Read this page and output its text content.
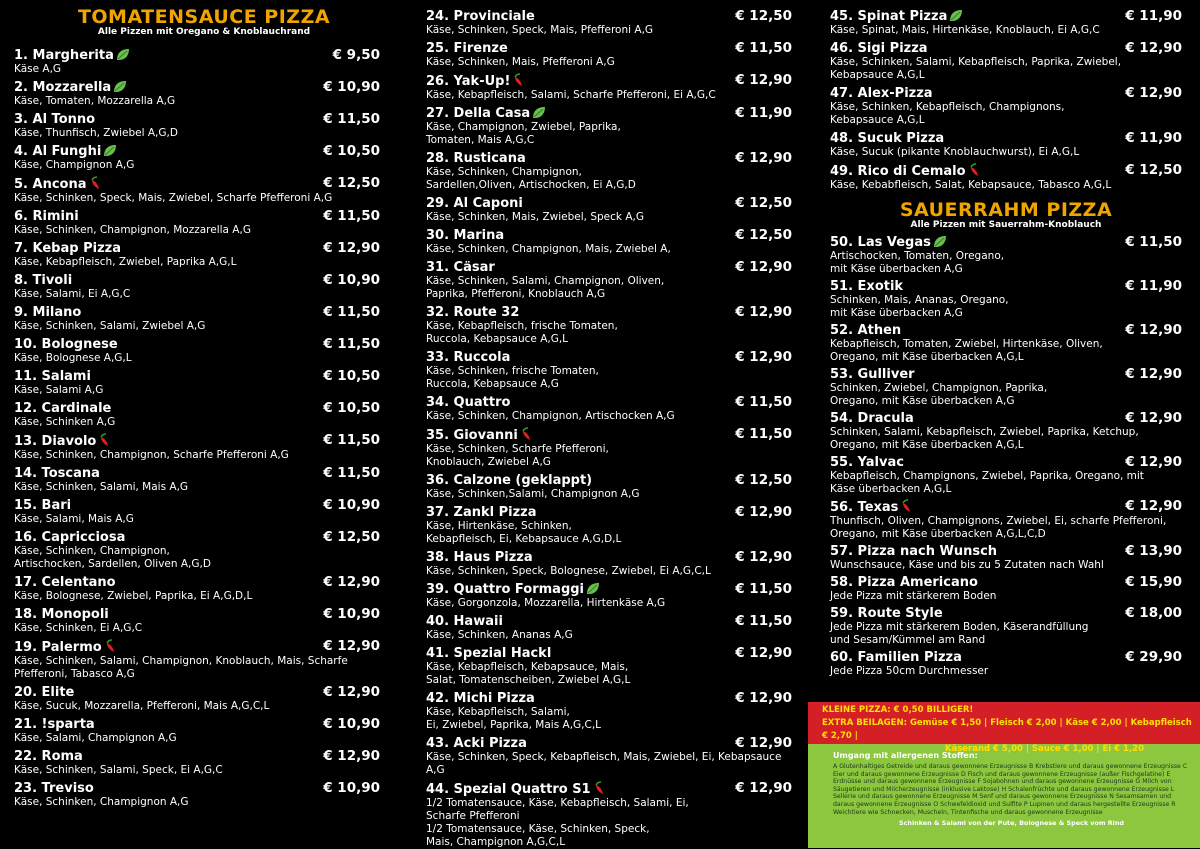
TOMATENSAUCE PIZZA
Alle Pizzen mit Oregano & Knoblauchrand
1. Margherita	€ 9,50
Käse A,G
2. Mozzarella	€ 10,90
Käse, Tomaten, Mozzarella A,G
3. Al Tonno	€ 11,50
Käse, Thunfisch, Zwiebel A,G,D
4. Al Funghi	€ 10,50
Käse, Champignon A,G
5. Ancona	€ 12,50
Käse, Schinken, Speck, Mais, Zwiebel, Scharfe Pfefferoni A,G
6. Rimini	€ 11,50
Käse, Schinken, Champignon, Mozzarella A,G
7. Kebap Pizza	€ 12,90
Käse, Kebapfleisch, Zwiebel, Paprika A,G,L
8. Tivoli	€ 10,90
Käse, Salami, Ei A,G,C
9. Milano	€ 11,50
Käse, Schinken, Salami, Zwiebel A,G
10. Bolognese	€ 11,50
Käse, Bolognese A,G,L
11. Salami	€ 10,50
Käse, Salami A,G
12. Cardinale	€ 10,50
Käse, Schinken A,G
13. Diavolo	€ 11,50
Käse, Schinken, Champignon, Scharfe Pfefferoni A,G
14. Toscana	€ 11,50
Käse, Schinken, Salami, Mais A,G
15. Bari	€ 10,90
Käse, Salami, Mais A,G
16. Capricciosa	€ 12,50
Käse, Schinken, Champignon,
Artischocken, Sardellen, Oliven A,G,D
17. Celentano	€ 12,90
Käse, Bolognese, Zwiebel, Paprika, Ei A,G,D,L
18. Monopoli	€ 10,90
Käse, Schinken, Ei A,G,C
19. Palermo	€ 12,90
Käse, Schinken, Salami, Champignon, Knoblauch, Mais, Scharfe
Pfefferoni, Tabasco A,G
20. Elite	€ 12,90
Käse, Sucuk, Mozzarella, Pfefferoni, Mais A,G,C,L
21. !sparta	€ 10,90
Käse, Salami, Champignon A,G
22. Roma	€ 12,90
Käse, Schinken, Salami, Speck, Ei A,G,C
23. Treviso	€ 10,90
Käse, Schinken, Champignon A,G
24. Provinciale	€ 12,50
Käse, Schinken, Speck, Mais, Pfefferoni A,G
25. Firenze	€ 11,50
Käse, Schinken, Mais, Pfefferoni A,G
26. Yak-Up!	€ 12,90
Käse, Kebapfleisch, Salami, Scharfe Pfefferoni, Ei A,G,C
27. Della Casa	€ 11,90
Käse, Champignon, Zwiebel, Paprika,
Tomaten, Mais A,G,C
28. Rusticana	€ 12,90
Käse, Schinken, Champignon,
Sardellen,Oliven, Artischocken, Ei A,G,D
29. Al Caponi	€ 12,50
Käse, Schinken, Mais, Zwiebel, Speck A,G
30. Marina	€ 12,50
Käse, Schinken, Champignon, Mais, Zwiebel A,
31. Cäsar	€ 12,90
Käse, Schinken, Salami, Champignon, Oliven,
Paprika, Pfefferoni, Knoblauch A,G
32. Route 32	€ 12,90
Käse, Kebapfleisch, frische Tomaten,
Ruccola, Kebapsauce A,G,L
33. Ruccola	€ 12,90
Käse, Schinken, frische Tomaten,
Ruccola, Kebapsauce A,G
34. Quattro	€ 11,50
Käse, Schinken, Champignon, Artischocken A,G
35. Giovanni	€ 11,50
Käse, Schinken, Scharfe Pfefferoni,
Knoblauch, Zwiebel A,G
36. Calzone (geklappt)	€ 12,50
Käse, Schinken,Salami, Champignon A,G
37. Zankl Pizza	€ 12,90
Käse, Hirtenkäse, Schinken,
Kebapfleisch, Ei, Kebapsauce A,G,D,L
38. Haus Pizza	€ 12,90
Käse, Schinken, Speck, Bolognese, Zwiebel, Ei A,G,C,L
39. Quattro Formaggi	€ 11,50
Käse, Gorgonzola, Mozzarella, Hirtenkäse A,G
40. Hawaii	€ 11,50
Käse, Schinken, Ananas A,G
41. Spezial Hackl	€ 12,90
Käse, Kebapfleisch, Kebapsauce, Mais,
Salat, Tomatenscheiben, Zwiebel A,G,L
42. Michi Pizza	€ 12,90
Käse, Kebapfleisch, Salami,
Ei, Zwiebel, Paprika, Mais A,G,C,L
43. Acki Pizza	€ 12,90
Käse, Schinken, Speck, Kebapfleisch, Mais, Zwiebel, Ei, Kebapsauce A,G
44. Spezial Quattro S1	€ 12,90
1/2 Tomatensauce, Käse, Kebapfleisch, Salami, Ei,
Scharfe Pfefferoni
1/2 Tomatensauce, Käse, Schinken, Speck,
Mais, Champignon A,G,C,L
45. Spinat Pizza	€ 11,90
Käse, Spinat, Mais, Hirtenkäse, Knoblauch, Ei A,G,C
46. Sigi Pizza	€ 12,90
Käse, Schinken, Salami, Kebapfleisch, Paprika, Zwiebel,
Kebapsauce A,G,L
47. Alex-Pizza	€ 12,90
Käse, Schinken, Kebapfleisch, Champignons,
Kebapsauce A,G,L
48. Sucuk Pizza	€ 11,90
Käse, Sucuk (pikante Knoblauchwurst), Ei A,G,L
49. Rico di Cemalo	€ 12,50
Käse, Kebabfleisch, Salat, Kebapsauce, Tabasco A,G,L
SAUERRAHM PIZZA
Alle Pizzen mit Sauerrahm-Knoblauch
50. Las Vegas	€ 11,50
Artischocken, Tomaten, Oregano,
mit Käse überbacken A,G
51. Exotik	€ 11,90
Schinken, Mais, Ananas, Oregano,
mit Käse überbacken A,G
52. Athen	€ 12,90
Kebapfleisch, Tomaten, Zwiebel, Hirtenkäse, Oliven,
Oregano, mit Käse überbacken A,G,L
53. Gulliver	€ 12,90
Schinken, Zwiebel, Champignon, Paprika,
Oregano, mit Käse überbacken A,G
54. Dracula	€ 12,90
Schinken, Salami, Kebapfleisch, Zwiebel, Paprika, Ketchup,
Oregano, mit Käse überbacken A,G,L
55. Yalvac	€ 12,90
Kebapfleisch, Champignons, Zwiebel, Paprika, Oregano, mit
Käse überbacken A,G,L
56. Texas	€ 12,90
Thunfisch, Oliven, Champignons, Zwiebel, Ei, scharfe Pfefferoni,
Oregano, mit Käse überbacken A,G,L,C,D
57. Pizza nach Wunsch	€ 13,90
Wunschsauce, Käse und bis zu 5 Zutaten nach Wahl
58. Pizza Americano	€ 15,90
Jede Pizza mit stärkerem Boden
59. Route Style	€ 18,00
Jede Pizza mit stärkerem Boden, Käserandfüllung
und Sesam/Kümmel am Rand
60. Familien Pizza	€ 29,90
Jede Pizza 50cm Durchmesser
KLEINE PIZZA: € 0,50 BILLIGER!
EXTRA BEILAGEN: Gemüse € 1,50 | Fleisch € 2,00 | Käse € 2,00 | Kebapfleisch € 2,70 |
Käserand € 5,00 | Sauce € 1,00 | Ei € 1,20
Umgang mit allergenen Stoffen:
A Glutenhaltiges Getreide und daraus gewonnene Erzeugnisse B Krebstiere und daraus gewonnene Erzeugnisse C Eier und daraus gewonnene Erzeugnisse D Fisch und daraus gewonnene Erzeugnisse (außer Fischgelatine) E Erdnüsse und daraus gewonnene Erzeugnisse F Sojabohnen und daraus gewonnene Erzeugnisse G Milch von Säugetieren und Milcherzeugnisse (inklusive Laktose) H Schalenfrüchte und daraus gewonnene Erzeugnisse L Sellerie und daraus gewonnene Erzeugnisse M Senf und daraus gewonnene Erzeugnisse N Sesamsamen und daraus gewonnene Erzeugnisse O Schwefeldioxid und Sulfite P Lupinen und daraus hergestellte Erzeugnisse R Weichtiere wie Schnecken, Muscheln, Tintenfische und daraus gewonnene Erzeugnisse
Schinken & Salami von der Pute, Bolognese & Speck vom Rind
